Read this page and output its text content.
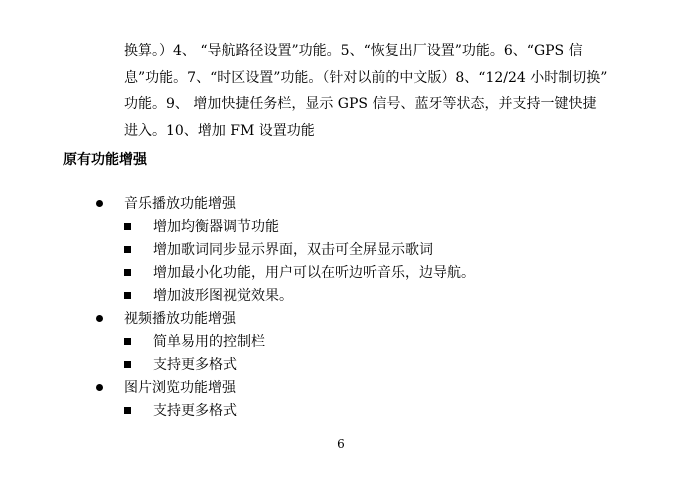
换算。）4、 “导航路径设置”功能。5、“恢复出厂设置”功能。6、“GPS 信
息”功能。7、“时区设置”功能。（针对以前的中文版）8、“12/24 小时制切换”
功能。9、 增加快捷任务栏，显示 GPS 信号、蓝牙等状态，并支持一键快捷
进入。10、增加 FM 设置功能
原有功能增强
音乐播放功能增强
增加均衡器调节功能
增加歌词同步显示界面，双击可全屏显示歌词
增加最小化功能，用户可以在听边听音乐，边导航。
增加波形图视觉效果。
视频播放功能增强
简单易用的控制栏
支持更多格式
图片浏览功能增强
支持更多格式
6
